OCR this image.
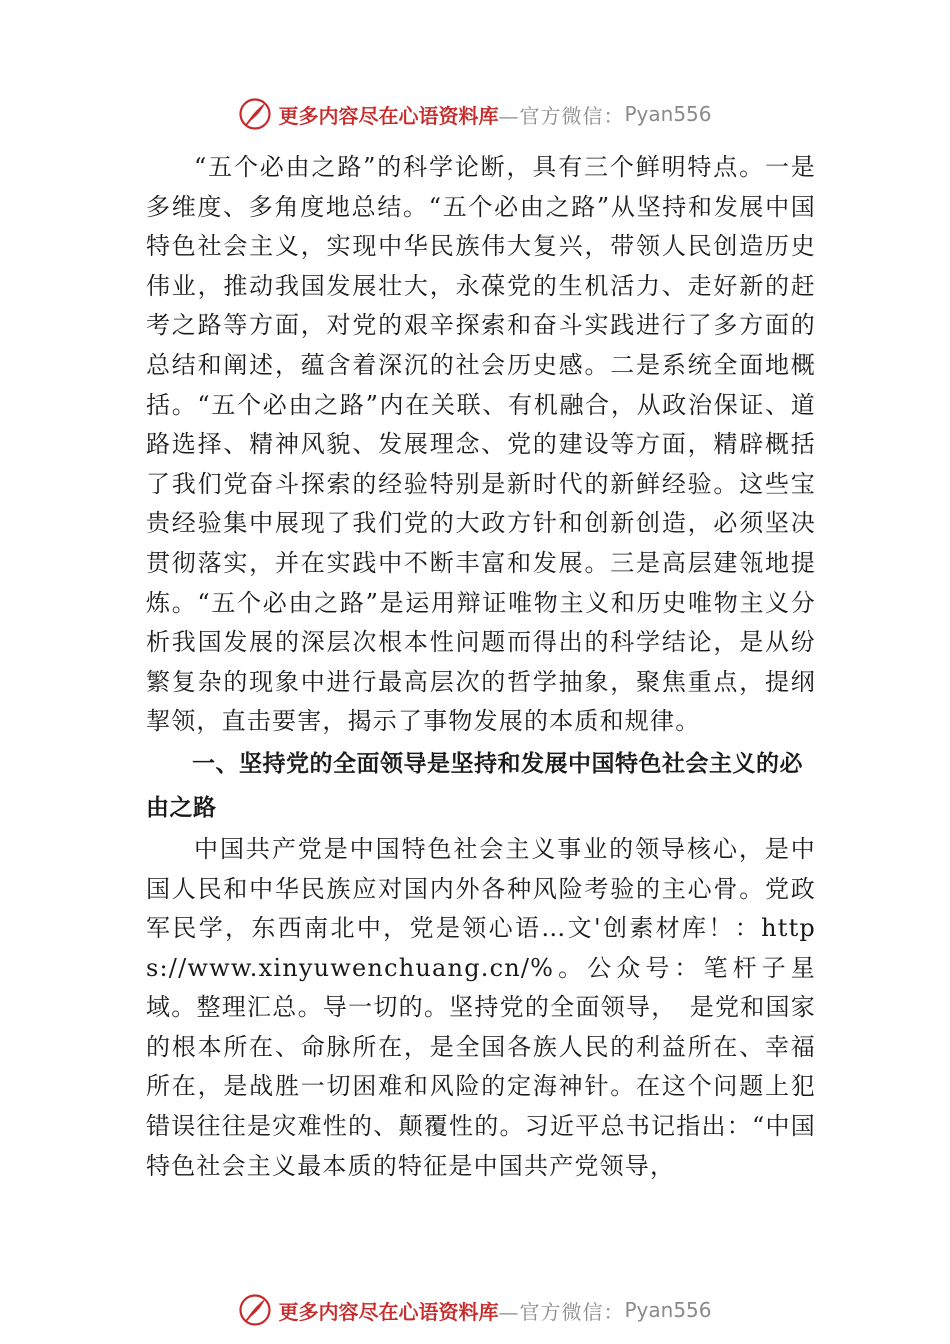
更多内容尽在心语资料库 —官方微信： Pyan556

“五个必由之路”的科学论断，具有三个鲜明特点。一是多维度、多角度地总结。“五个必由之路”从坚持和发展中国特色社会主义，实现中华民族伟大复兴，带领人民创造历史伟业，推动我国发展壮大，永葆党的生机活力、走好新的赶考之路等方面，对党的艰辛探索和奋斗实践进行了多方面的总结和阐述，蕴含着深沉的社会历史感。二是系统全面地概括。“五个必由之路”内在关联、有机融合，从政治保证、道路选择、精神风貌、发展理念、党的建设等方面，精辟概括了我们党奋斗探索的经验特别是新时代的新鲜经验。这些宝贵经验集中展现了我们党的大政方针和创新创造，必须坚决贯彻落实，并在实践中不断丰富和发展。三是高层建瓴地提炼。“五个必由之路”是运用辩证唯物主义和历史唯物主义分析我国发展的深层次根本性问题而得出的科学结论，是从纷繁复杂的现象中进行最高层次的哲学抽象，聚焦重点，提纲挈领，直击要害，揭示了事物发展的本质和规律。

一、坚持党的全面领导是坚持和发展中国特色社会主义的必由之路

中国共产党是中国特色社会主义事业的领导核心，是中国人民和中华民族应对国内外各种风险考验的主心骨。党政军民学，东西南北中，党是领心语…文'创素材库！：https://www.xinyuwenchuang.cn/%。公众号：笔杆子星域。整理汇总。导一切的。坚持党的全面领导，　是党和国家的根本所在、命脉所在，是全国各族人民的利益所在、幸福所在，是战胜一切困难和风险的定海神针。在这个问题上犯错误往往是灾难性的、颠覆性的。习近平总书记指出：“中国特色社会主义最本质的特征是中国共产党领导，

更多内容尽在心语资料库 —官方微信： Pyan556
